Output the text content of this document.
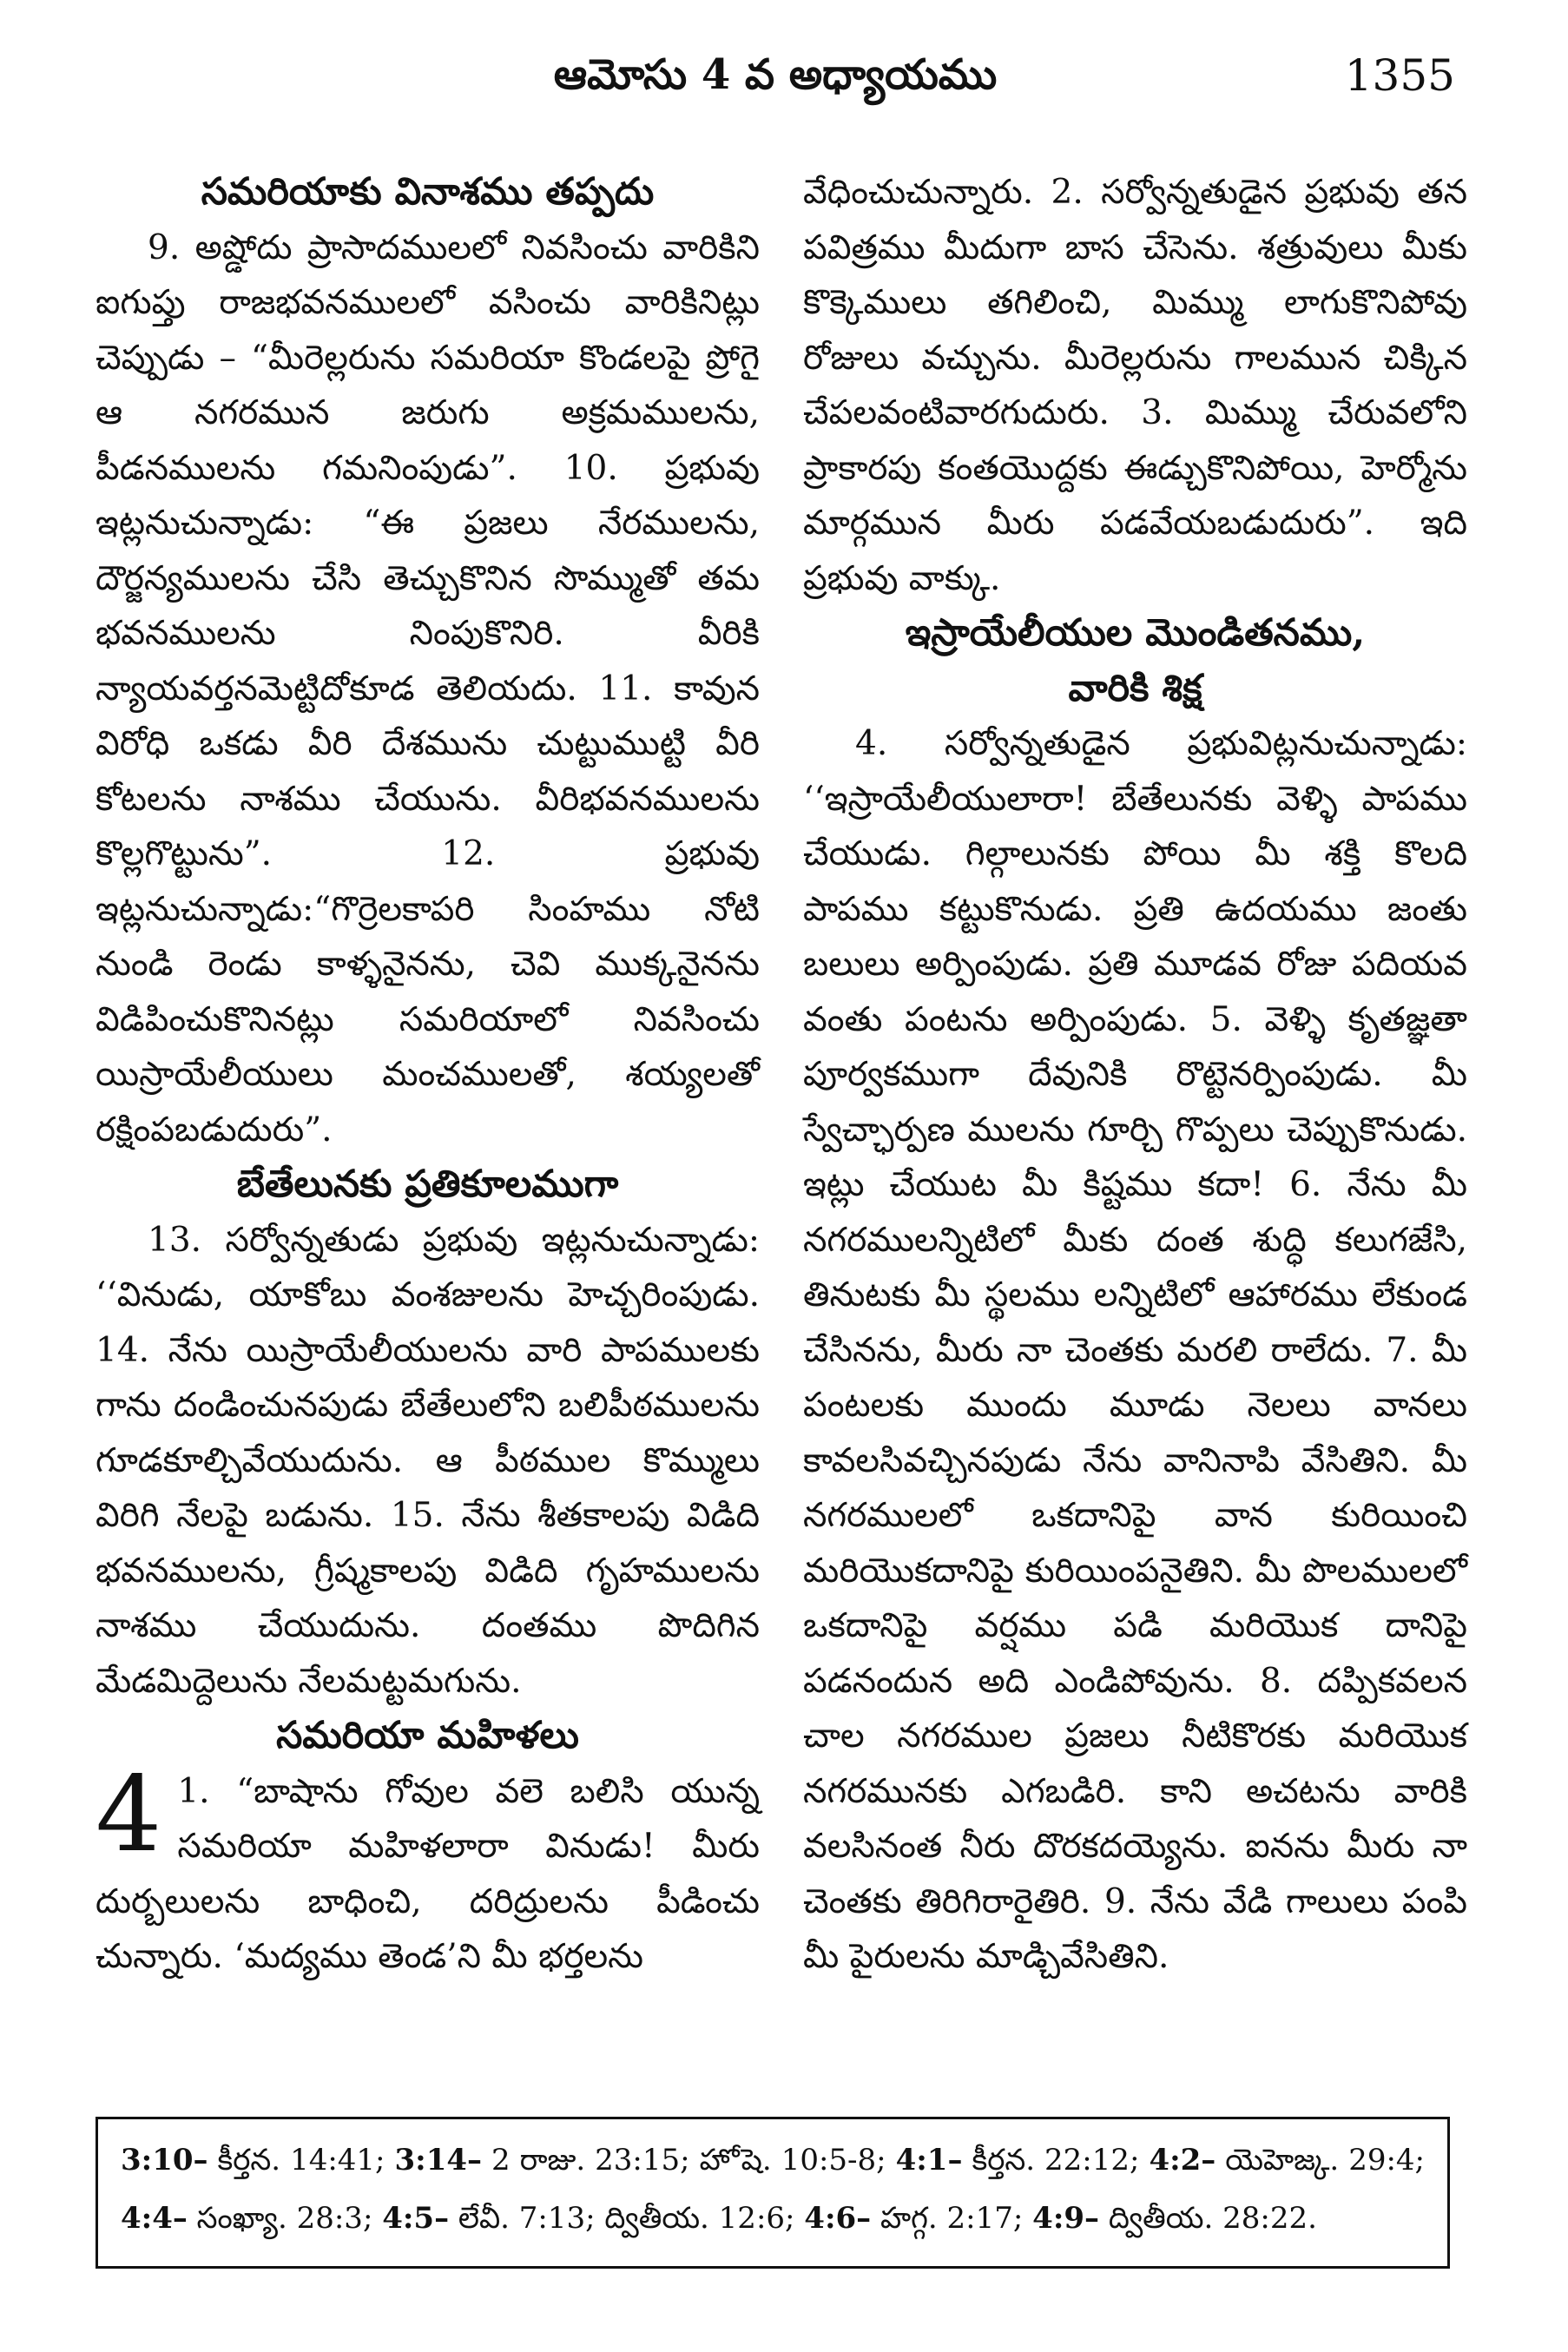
ఆమోసు 4 వ అధ్యాయము	1355

సమరియాకు వినాశము తప్పదు

9. అష్డోదు ప్రాసాదములలో నివసించు వారికిని ఐగుప్తు రాజభవనములలో వసించు వారికినిట్లు చెప్పుడు – “మీరెల్లరును సమరియా కొండలపై ప్రోగై ఆ నగరమున జరుగు అక్రమములను, పీడనములను గమనింపుడు”. 10. ప్రభువు ఇట్లనుచున్నాడు: “ఈ ప్రజలు నేరములను, దౌర్జన్యములను చేసి తెచ్చుకొనిన సొమ్ముతో తమ భవనములను నింపుకొనిరి. వీరికి న్యాయవర్తనమెట్టిదోకూడ తెలియదు. 11. కావున విరోధి ఒకడు వీరి దేశమును చుట్టుముట్టి వీరి కోటలను నాశము చేయును. వీరిభవనములను కొల్లగొట్టును”. 12. ప్రభువు ఇట్లనుచున్నాడు:“గొర్రెలకాపరి సింహము నోటి నుండి రెండు కాళ్ళనైనను, చెవి ముక్కనైనను విడిపించుకొనినట్లు సమరియాలో నివసించు యిస్రాయేలీయులు మంచములతో, శయ్యలతో రక్షింపబడుదురు”.

బేతేలునకు ప్రతికూలముగా

13. సర్వోన్నతుడు ప్రభువు ఇట్లనుచున్నాడు: ‘‘వినుడు, యాకోబు వంశజులను హెచ్చరింపుడు. 14. నేను యిస్రాయేలీయులను వారి పాపములకు గాను దండించునపుడు బేతేలులోని బలిపీఠములను గూడకూల్చివేయుదును. ఆ పీఠముల కొమ్ములు విరిగి నేలపై బడును. 15. నేను శీతకాలపు విడిది భవనములను, గ్రీష్మకాలపు విడిది గృహములను నాశము చేయుదును. దంతము పొదిగిన మేడమిద్దెలును నేలమట్టమగును.

సమరియా మహిళలు

4 1. “బాషాను గోవుల వలె బలిసి యున్న సమరియా మహిళలారా వినుడు! మీరు దుర్బలులను బాధించి, దరిద్రులను పీడించు చున్నారు. ‘మద్యము తెండ’ని మీ భర్తలను

వేధించుచున్నారు. 2. సర్వోన్నతుడైన ప్రభువు తన పవిత్రము మీదుగా బాస చేసెను. శత్రువులు మీకు కొక్కెములు తగిలించి, మిమ్ము లాగుకొనిపోవు రోజులు వచ్చును. మీరెల్లరును గాలమున చిక్కిన చేపలవంటివారగుదురు. 3. మిమ్ము చేరువలోని ప్రాకారపు కంతయొద్దకు ఈడ్చుకొనిపోయి, హెర్మోను మార్గమున మీరు పడవేయబడుదురు”. ఇది ప్రభువు వాక్కు.

ఇస్రాయేలీయుల మొండితనము,

వారికి శిక్ష

4. సర్వోన్నతుడైన ప్రభువిట్లనుచున్నాడు: ‘‘ఇస్రాయేలీయులారా! బేతేలునకు వెళ్ళి పాపము చేయుడు. గిల్గాలునకు పోయి మీ శక్తి కొలది పాపము కట్టుకొనుడు. ప్రతి ఉదయము జంతు బలులు అర్పింపుడు. ప్రతి మూడవ రోజు పదియవ వంతు పంటను అర్పింపుడు. 5. వెళ్ళి కృతజ్ఞతా పూర్వకముగా దేవునికి రొట్టెనర్పింపుడు. మీ స్వేచ్ఛార్పణ ములను గూర్చి గొప్పలు చెప్పుకొనుడు. ఇట్లు చేయుట మీ కిష్టము కదా! 6. నేను మీ నగరములన్నిటిలో మీకు దంత శుద్ధి కలుగజేసి, తినుటకు మీ స్థలము లన్నిటిలో ఆహారము లేకుండ చేసినను, మీరు నా చెంతకు మరలి రాలేదు. 7. మీ పంటలకు ముందు మూడు నెలలు వానలు కావలసివచ్చినపుడు నేను వానినాపి వేసితిని. మీ నగరములలో ఒకదానిపై వాన కురియించి మరియొకదానిపై కురియింపనైతిని. మీ పొలములలో ఒకదానిపై వర్షము పడి మరియొక దానిపై పడనందున అది ఎండిపోవును. 8. దప్పికవలన చాల నగరముల ప్రజలు నీటికొరకు మరియొక నగరమునకు ఎగబడిరి. కాని అచటను వారికి వలసినంత నీరు దొరకదయ్యెను. ఐనను మీరు నా చెంతకు తిరిగిరారైతిరి. 9. నేను వేడి గాలులు పంపి మీ పైరులను మాడ్చివేసితిని.

3:10– కీర్తన. 14:41; 3:14– 2 రాజు. 23:15; హోషె. 10:5-8; 4:1– కీర్తన. 22:12; 4:2– యెహెజ్క. 29:4; 4:4– సంఖ్యా. 28:3; 4:5– లేవీ. 7:13; ద్వితీయ. 12:6; 4:6– హగ్గ. 2:17; 4:9– ద్వితీయ. 28:22.
